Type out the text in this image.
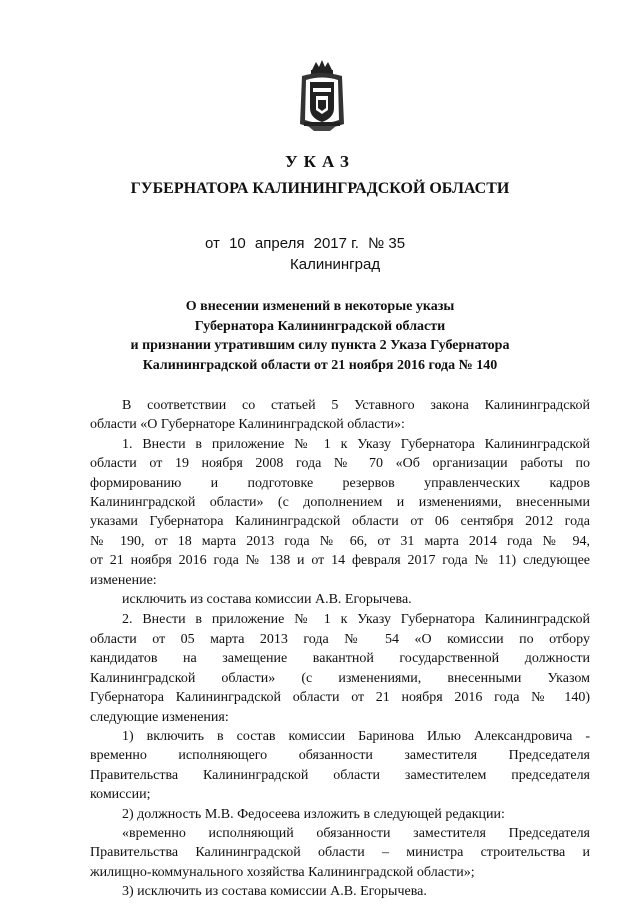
УКАЗ
ГУБЕРНАТОРА КАЛИНИНГРАДСКОЙ ОБЛАСТИ
от 10 апреля 2017 г. № 35
Калининград
О внесении изменений в некоторые указы
Губернатора Калининградской области
и признании утратившим силу пункта 2 Указа Губернатора
Калининградской области от 21 ноября 2016 года № 140
В соответствии со статьей 5 Уставного закона Калининградской
области «О Губернаторе Калининградской области»:
1. Внести в приложение № 1 к Указу Губернатора Калининградской
области от 19 ноября 2008 года № 70 «Об организации работы по
формированию и подготовке резервов управленческих кадров
Калининградской области» (с дополнением и изменениями, внесенными
указами Губернатора Калининградской области от 06 сентября 2012 года
№ 190, от 18 марта 2013 года № 66, от 31 марта 2014 года № 94,
от 21 ноября 2016 года № 138 и от 14 февраля 2017 года № 11) следующее
изменение:
исключить из состава комиссии А.В. Егорычева.
2. Внести в приложение № 1 к Указу Губернатора Калининградской
области от 05 марта 2013 года № 54 «О комиссии по отбору
кандидатов на замещение вакантной государственной должности
Калининградской области» (с изменениями, внесенными Указом
Губернатора Калининградской области от 21 ноября 2016 года № 140)
следующие изменения:
1) включить в состав комиссии Баринова Илью Александровича -
временно исполняющего обязанности заместителя Председателя
Правительства Калининградской области заместителем председателя
комиссии;
2) должность М.В. Федосеева изложить в следующей редакции:
«временно исполняющий обязанности заместителя Председателя
Правительства Калининградской области – министра строительства и
жилищно-коммунального хозяйства Калининградской области»;
3) исключить из состава комиссии А.В. Егорычева.
